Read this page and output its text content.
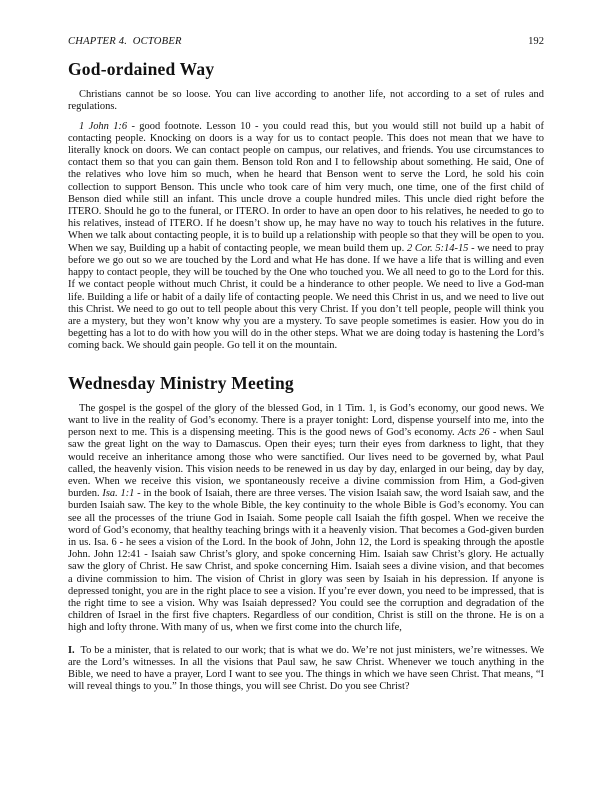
CHAPTER 4.  OCTOBER	192
God-ordained Way

Christians cannot be so loose. You can live according to another life, not according to a set of rules and regulations.

1 John 1:6 - good footnote. Lesson 10 - you could read this, but you would still not build up a habit of contacting people. Knocking on doors is a way for us to contact people. This does not mean that we have to literally knock on doors. We can contact people on campus, our relatives, and friends. You use circumstances to contact them so that you can gain them. Benson told Ron and I to fellowship about something. He said, One of the relatives who love him so much, when he heard that Benson went to serve the Lord, he sold his coin collection to support Benson. This uncle who took care of him very much, one time, one of the first child of Benson died while still an infant. This uncle drove a couple hundred miles. This uncle died right before the ITERO. Should he go to the funeral, or ITERO. In order to have an open door to his relatives, he needed to go to his relatives, instead of ITERO. If he doesn’t show up, he may have no way to touch his relatives in the future. When we talk about contacting people, it is to build up a relationship with people so that they will be open to you. When we say, Building up a habit of contacting people, we mean build them up. 2 Cor. 5:14-15 - we need to pray before we go out so we are touched by the Lord and what He has done. If we have a life that is willing and even happy to contact people, they will be touched by the One who touched you. We all need to go to the Lord for this. If we contact people without much Christ, it could be a hinderance to other people. We need to live a God-man life. Building a life or habit of a daily life of contacting people. We need this Christ in us, and we need to live out this Christ. We need to go out to tell people about this very Christ. If you don’t tell people, people will think you are a mystery, but they won’t know why you are a mystery. To save people sometimes is easier. How you do in begetting has a lot to do with how you will do in the other steps. What we are doing today is hastening the Lord’s coming back. We should gain people. Go tell it on the mountain.

Wednesday Ministry Meeting

The gospel is the gospel of the glory of the blessed God, in 1 Tim. 1, is God’s economy, our good news. We want to live in the reality of God’s economy. There is a prayer tonight: Lord, dispense yourself into me, into the person next to me. This is a dispensing meeting. This is the good news of God’s economy. Acts 26 - when Saul saw the great light on the way to Damascus. Open their eyes; turn their eyes from darkness to light, that they would receive an inheritance among those who were sanctified. Our lives need to be governed by, what Paul called, the heavenly vision. This vision needs to be renewed in us day by day, enlarged in our being, day by day, even. When we receive this vision, we spontaneously receive a divine commission from Him, a God-given burden. Isa. 1:1 - in the book of Isaiah, there are three verses. The vision Isaiah saw, the word Isaiah saw, and the burden Isaiah saw. The key to the whole Bible, the key continuity to the whole Bible is God’s economy. You can see all the processes of the triune God in Isaiah. Some people call Isaiah the fifth gospel. When we receive the word of God’s economy, that healthy teaching brings with it a heavenly vision. That becomes a God-given burden in us. Isa. 6 - he sees a vision of the Lord. In the book of John, John 12, the Lord is speaking through the apostle John. John 12:41 - Isaiah saw Christ’s glory, and spoke concerning Him. Isaiah saw Christ’s glory. He actually saw the glory of Christ. He saw Christ, and spoke concerning Him. Isaiah sees a divine vision, and that becomes a divine commission to him. The vision of Christ in glory was seen by Isaiah in his depression. If anyone is depressed tonight, you are in the right place to see a vision. If you’re ever down, you need to be impressed, that is the right time to see a vision. Why was Isaiah depressed? You could see the corruption and degradation of the children of Israel in the first five chapters. Regardless of our condition, Christ is still on the throne. He is on a high and lofty throne. With many of us, when we first come into the church life,

I. To be a minister, that is related to our work; that is what we do. We’re not just ministers, we’re witnesses. We are the Lord’s witnesses. In all the visions that Paul saw, he saw Christ. Whenever we touch anything in the Bible, we need to have a prayer, Lord I want to see you. The things in which we have seen Christ. That means, “I will reveal things to you.” In those things, you will see Christ. Do you see Christ?
